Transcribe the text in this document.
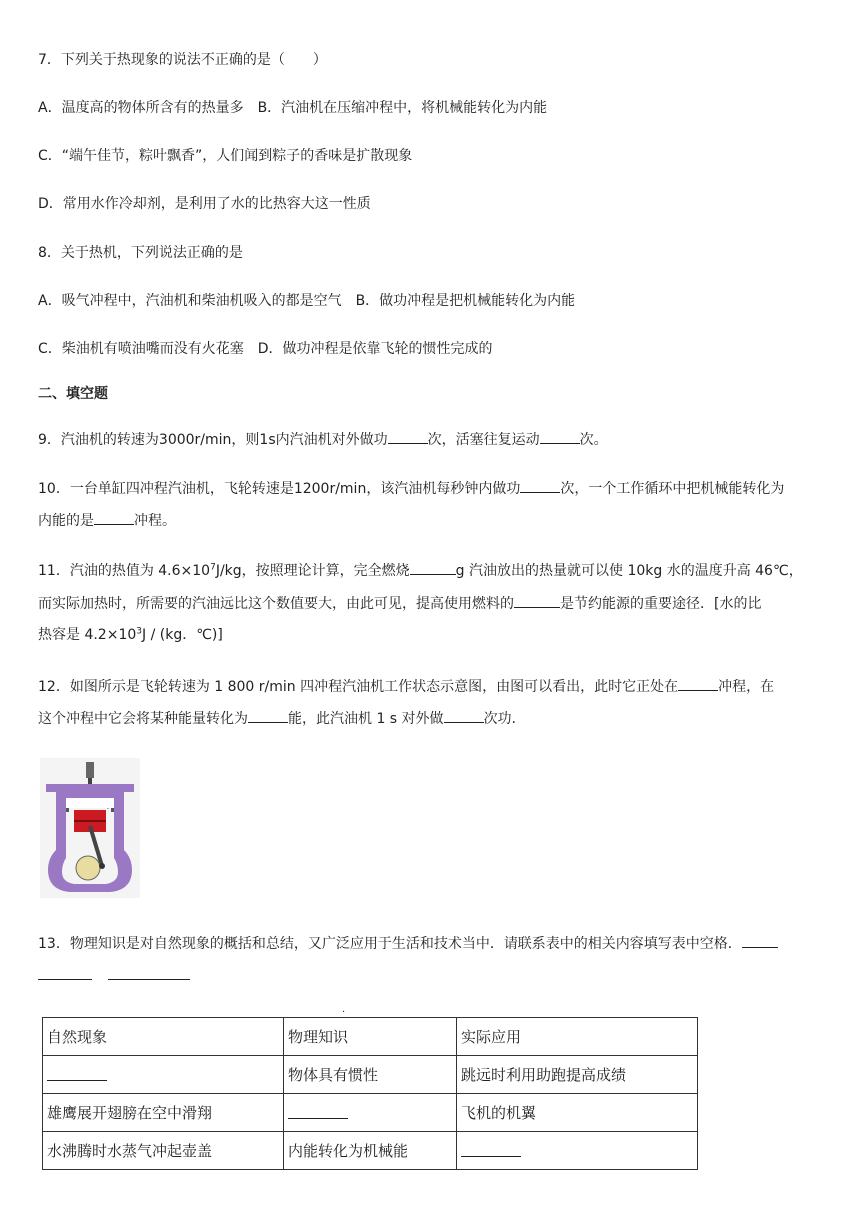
7．下列关于热现象的说法不正确的是（　　）
A．温度高的物体所含有的热量多　B．汽油机在压缩冲程中，将机械能转化为内能
C．“端午佳节，粽叶飘香”，人们闻到粽子的香味是扩散现象
D．常用水作冷却剂，是利用了水的比热容大这一性质
8．关于热机，下列说法正确的是
A．吸气冲程中，汽油机和柴油机吸入的都是空气　B．做功冲程是把机械能转化为内能
C．柴油机有喷油嘴而没有火花塞　D．做功冲程是依靠飞轮的惯性完成的
二、填空题
9．汽油机的转速为3000r/min，则1s内汽油机对外做功	次，活塞往复运动	次。
10．一台单缸四冲程汽油机，飞轮转速是1200r/min，该汽油机每秒钟内做功	次，一个工作循环中把机械能转化为
内能的是	冲程。
11．汽油的热值为 $4.6\times 10^7J/kg$，按照理论计算，完全燃烧	g 汽油放出的热量就可以使 10kg 水的温度升高 46℃，
而实际加热时，所需要的汽油远比这个数值要大，由此可见，提高使用燃料的	是节约能源的重要途径．[水的比
热容是 $4.2\times 10^3J / (kg$．℃)]
12．如图所示是飞轮转速为 1 800 r/min 四冲程汽油机工作状态示意图，由图可以看出，此时它正处在	冲程，在
这个冲程中它会将某种能量转化为	能，此汽油机 1 s 对外做	次功.
13．物理知识是对自然现象的概括和总结，又广泛应用于生活和技术当中．请联系表中的相关内容填写表中空格．
.
自然现象	物理知识	实际应用
	物体具有惯性	跳远时利用助跑提高成绩
雄鹰展开翅膀在空中滑翔		飞机的机翼
水沸腾时水蒸气冲起壶盖	内能转化为机械能	
